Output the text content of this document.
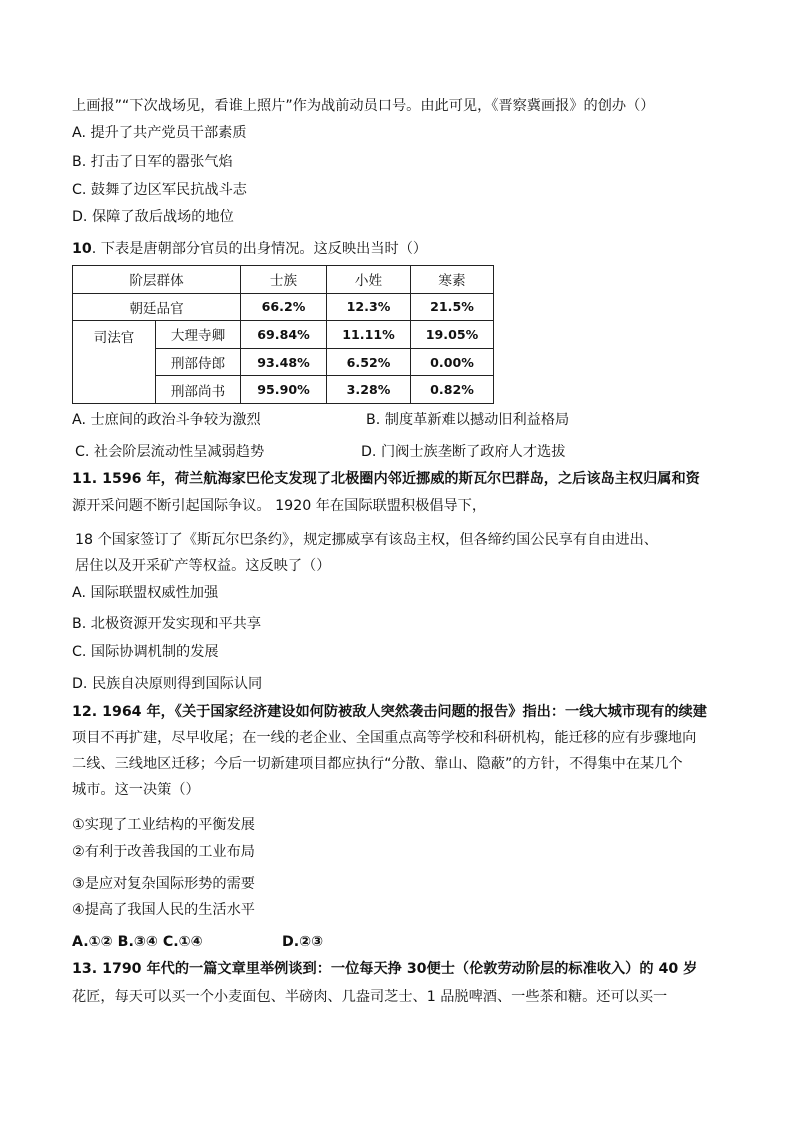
上画报”“下次战场见，看谁上照片”作为战前动员口号。由此可见，《晋察冀画报》的创办（）
A. 提升了共产党员干部素质
B. 打击了日军的嚣张气焰
C. 鼓舞了边区军民抗战斗志
D. 保障了敌后战场的地位
10. 下表是唐朝部分官员的出身情况。这反映出当时（）
阶层群体		士族	小姓	寒素
朝廷品官		66.2%	12.3%	21.5%
司法官	大理寺卿	69.84%	11.11%	19.05%
	刑部侍郎	93.48%	6.52%	0.00%
	刑部尚书	95.90%	3.28%	0.82%
A. 士庶间的政治斗争较为激烈	B. 制度革新难以撼动旧利益格局
C. 社会阶层流动性呈减弱趋势	D. 门阀士族垄断了政府人才选拔
11. 1596 年，荷兰航海家巴伦支发现了北极圈内邻近挪威的斯瓦尔巴群岛，之后该岛主权归属和资
源开采问题不断引起国际争议。 1920 年在国际联盟积极倡导下，
18 个国家签订了《斯瓦尔巴条约》，规定挪威享有该岛主权，但各缔约国公民享有自由进出、
居住以及开采矿产等权益。这反映了（）
A. 国际联盟权威性加强
B. 北极资源开发实现和平共享
C. 国际协调机制的发展
D. 民族自决原则得到国际认同
12. 1964 年，《关于国家经济建设如何防被敌人突然袭击问题的报告》指出：一线大城市现有的续建
项目不再扩建，尽早收尾；在一线的老企业、全国重点高等学校和科研机构，能迁移的应有步骤地向
二线、三线地区迁移；今后一切新建项目都应执行“分散、靠山、隐蔽”的方针，不得集中在某几个
城市。这一决策（）
①实现了工业结构的平衡发展
②有利于改善我国的工业布局
③是应对复杂国际形势的需要
④提高了我国人民的生活水平
A.①② B.③④ C.①④	D.②③
13. 1790 年代的一篇文章里举例谈到：一位每天挣 30便士（伦敦劳动阶层的标准收入）的 40 岁
花匠，每天可以买一个小麦面包、半磅肉、几盎司芝士、1 品脱啤酒、一些茶和糖。还可以买一
